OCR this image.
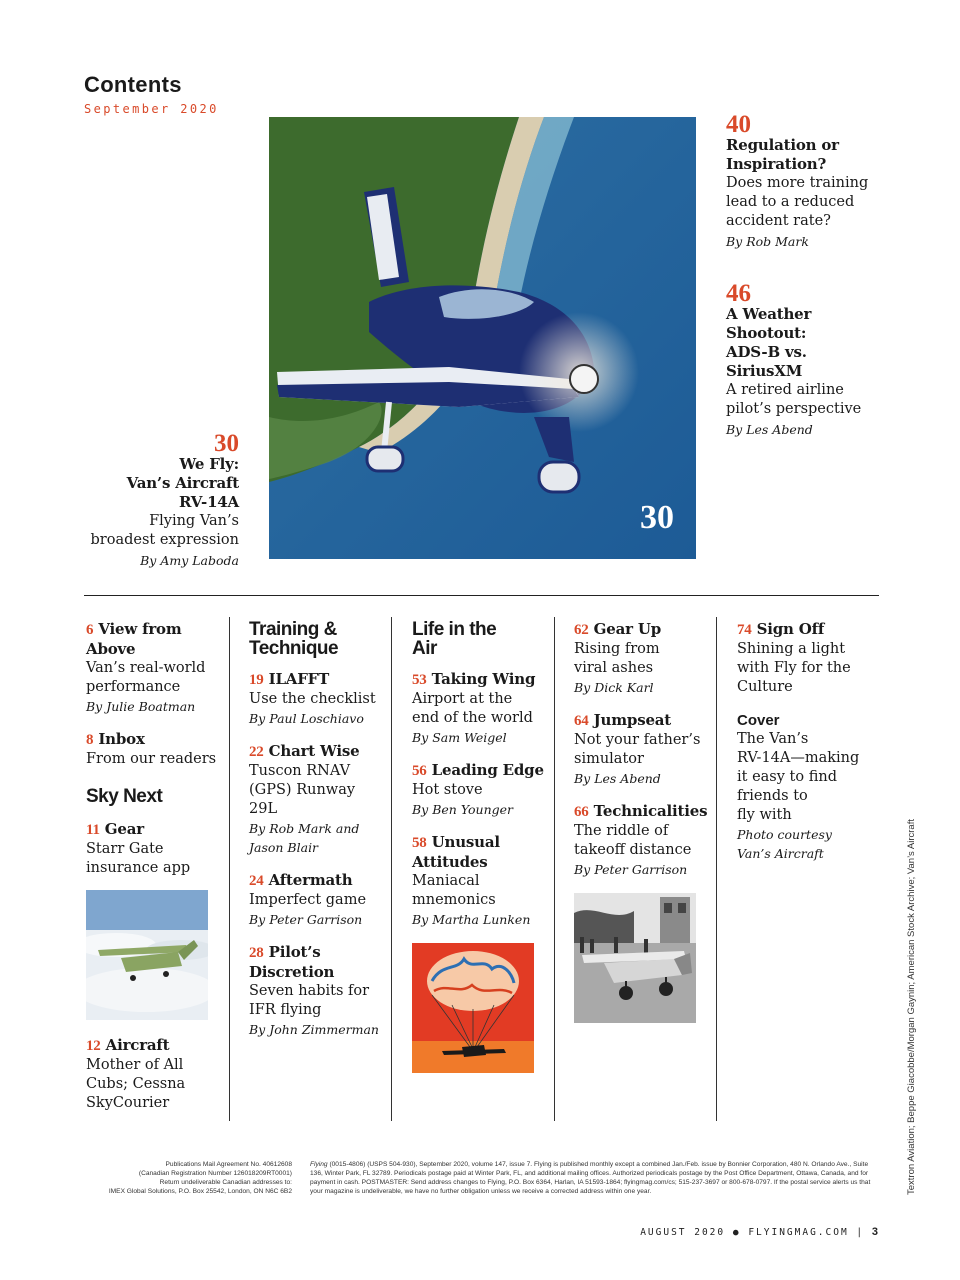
Contents
September 2020
30
40
Regulation or
Inspiration?
Does more training
lead to a reduced
accident rate?
By Rob Mark
46
A Weather
Shootout:
ADS-B vs.
SiriusXM
A retired airline
pilot’s perspective
By Les Abend
30
We Fly:
Van’s Aircraft
RV-14A
Flying Van’s
broadest expression
By Amy Laboda
6 View from
Above
Van’s real-world
performance
By Julie Boatman
8 Inbox
From our readers
Sky Next
11 Gear
Starr Gate
insurance app
12 Aircraft
Mother of All
Cubs; Cessna
SkyCourier
Training &
Technique
19 ILAFFT
Use the checklist
By Paul Loschiavo
22 Chart Wise
Tuscon RNAV
(GPS) Runway
29L
By Rob Mark and
Jason Blair
24 Aftermath
Imperfect game
By Peter Garrison
28 Pilot’s
Discretion
Seven habits for
IFR flying
By John Zimmerman
Life in the
Air
53 Taking Wing
Airport at the
end of the world
By Sam Weigel
56 Leading Edge
Hot stove
By Ben Younger
58 Unusual
Attitudes
Maniacal
mnemonics
By Martha Lunken
62 Gear Up
Rising from
viral ashes
By Dick Karl
64 Jumpseat
Not your father’s
simulator
By Les Abend
66 Technicalities
The riddle of
takeoff distance
By Peter Garrison
74 Sign Off
Shining a light
with Fly for the
Culture
Cover
The Van’s
RV-14A—making
it easy to find
friends to
fly with
Photo courtesy
Van’s Aircraft	Textron Aviation; Beppe Giacobbe/Morgan Gaynin; American Stock Archive; Van’s Aircraft
Publications Mail Agreement No. 40612608
(Canadian Registration Number 126018209RT0001)
Return undeliverable Canadian addresses to:
IMEX Global Solutions, P.O. Box 25542, London, ON N6C 6B2
Flying (0015-4806) (USPS 504-930), September 2020, volume 147, issue 7. Flying is published monthly except a combined Jan./Feb. issue by Bonnier Corporation, 480 N. Orlando Ave., Suite 136, Winter Park, FL 32789. Periodicals postage paid at Winter Park, FL, and additional mailing offices. Authorized periodicals postage by the Post Office Department, Ottawa, Canada, and for payment in cash. POSTMASTER: Send address changes to Flying, P.O. Box 6364, Harlan, IA 51593-1864; flyingmag.com/cs; 515-237-3697 or 800-678-0797. If the postal service alerts us that your magazine is undeliverable, we have no further obligation unless we receive a corrected address within one year.
AUGUST 2020 ● FLYINGMAG.COM | 3
